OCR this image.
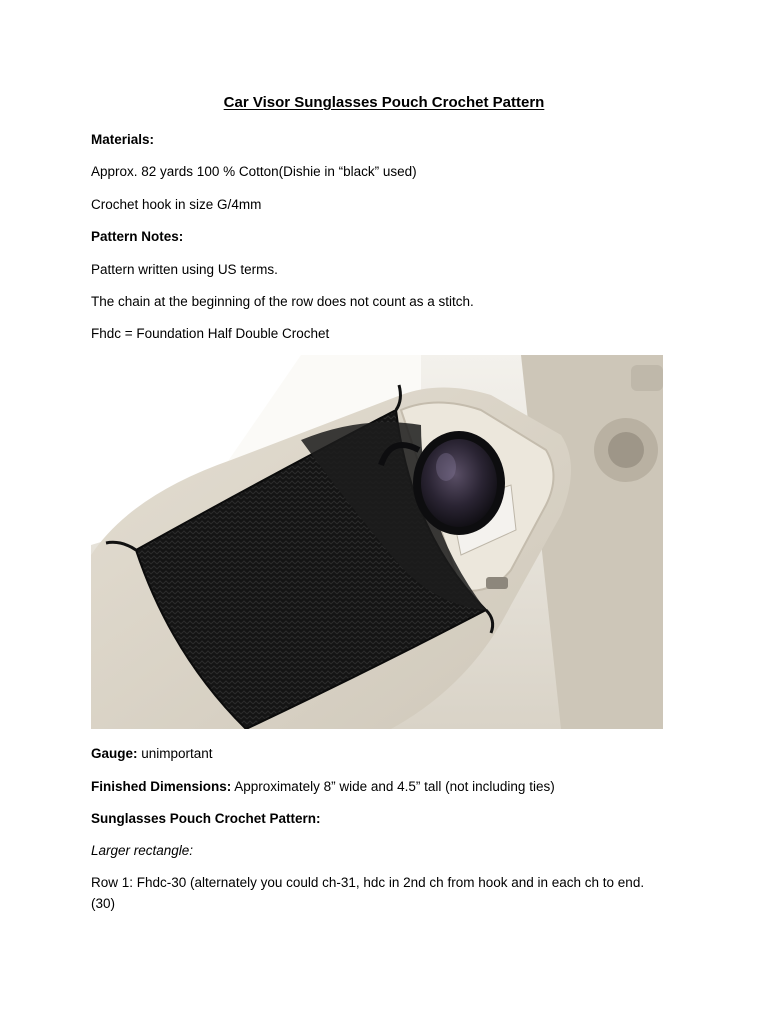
Car Visor Sunglasses Pouch Crochet Pattern
Materials:
Approx. 82 yards 100 % Cotton(Dishie in “black” used)
Crochet hook in size G/4mm
Pattern Notes:
Pattern written using US terms.
The chain at the beginning of the row does not count as a stitch.
Fhdc = Foundation Half Double Crochet
Gauge: unimportant
Finished Dimensions: Approximately 8” wide and 4.5” tall (not including ties)
Sunglasses Pouch Crochet Pattern:
Larger rectangle:
Row 1: Fhdc-30 (alternately you could ch-31, hdc in 2nd ch from hook and in each ch to end. (30)
